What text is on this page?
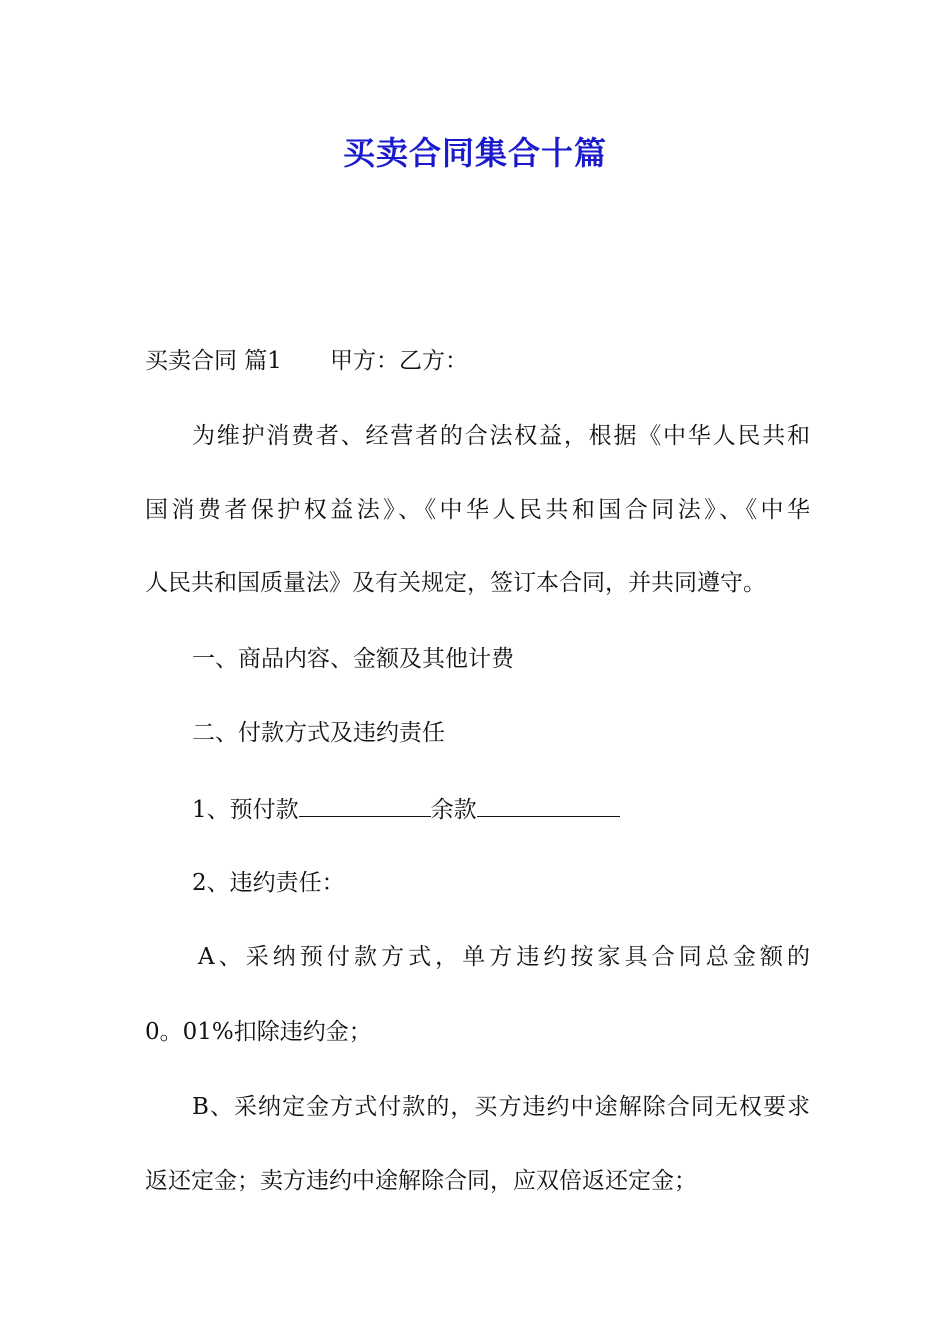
买卖合同集合十篇
买卖合同 篇1 甲方：乙方：
为维护消费者、经营者的合法权益，根据《中华人民共和
国消费者保护权益法》、《中华人民共和国合同法》、《中华
人民共和国质量法》及有关规定，签订本合同，并共同遵守。
一、商品内容、金额及其他计费
二、付款方式及违约责任
1、预付款	余款
2、违约责任：
A、采纳预付款方式，单方违约按家具合同总金额的
0。01%扣除违约金；
B、采纳定金方式付款的，买方违约中途解除合同无权要求
返还定金；卖方违约中途解除合同，应双倍返还定金；
